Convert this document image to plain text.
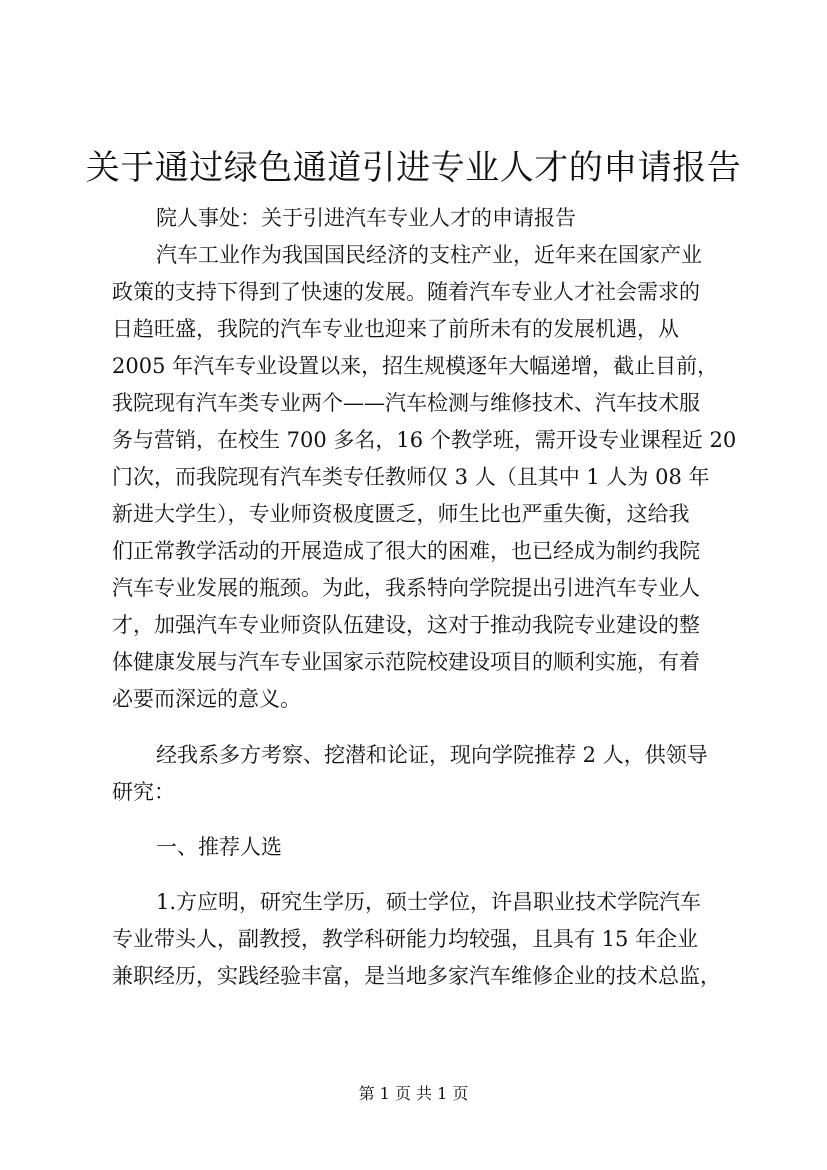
关于通过绿色通道引进专业人才的申请报告

院人事处：关于引进汽车专业人才的申请报告

汽车工业作为我国国民经济的支柱产业，近年来在国家产业

政策的支持下得到了快速的发展。随着汽车专业人才社会需求的

日趋旺盛，我院的汽车专业也迎来了前所未有的发展机遇，从

2005 年汽车专业设置以来，招生规模逐年大幅递增，截止目前，

我院现有汽车类专业两个——汽车检测与维修技术、汽车技术服

务与营销，在校生 700 多名，16 个教学班，需开设专业课程近 20

门次，而我院现有汽车类专任教师仅 3 人（且其中 1 人为 08 年

新进大学生），专业师资极度匮乏，师生比也严重失衡，这给我

们正常教学活动的开展造成了很大的困难，也已经成为制约我院

汽车专业发展的瓶颈。为此，我系特向学院提出引进汽车专业人

才，加强汽车专业师资队伍建设，这对于推动我院专业建设的整

体健康发展与汽车专业国家示范院校建设项目的顺利实施，有着

必要而深远的意义。

经我系多方考察、挖潜和论证，现向学院推荐 2 人，供领导

研究：

一、推荐人选

1.方应明，研究生学历，硕士学位，许昌职业技术学院汽车

专业带头人，副教授，教学科研能力均较强，且具有 15 年企业

兼职经历，实践经验丰富，是当地多家汽车维修企业的技术总监，

第 1 页 共 1 页
